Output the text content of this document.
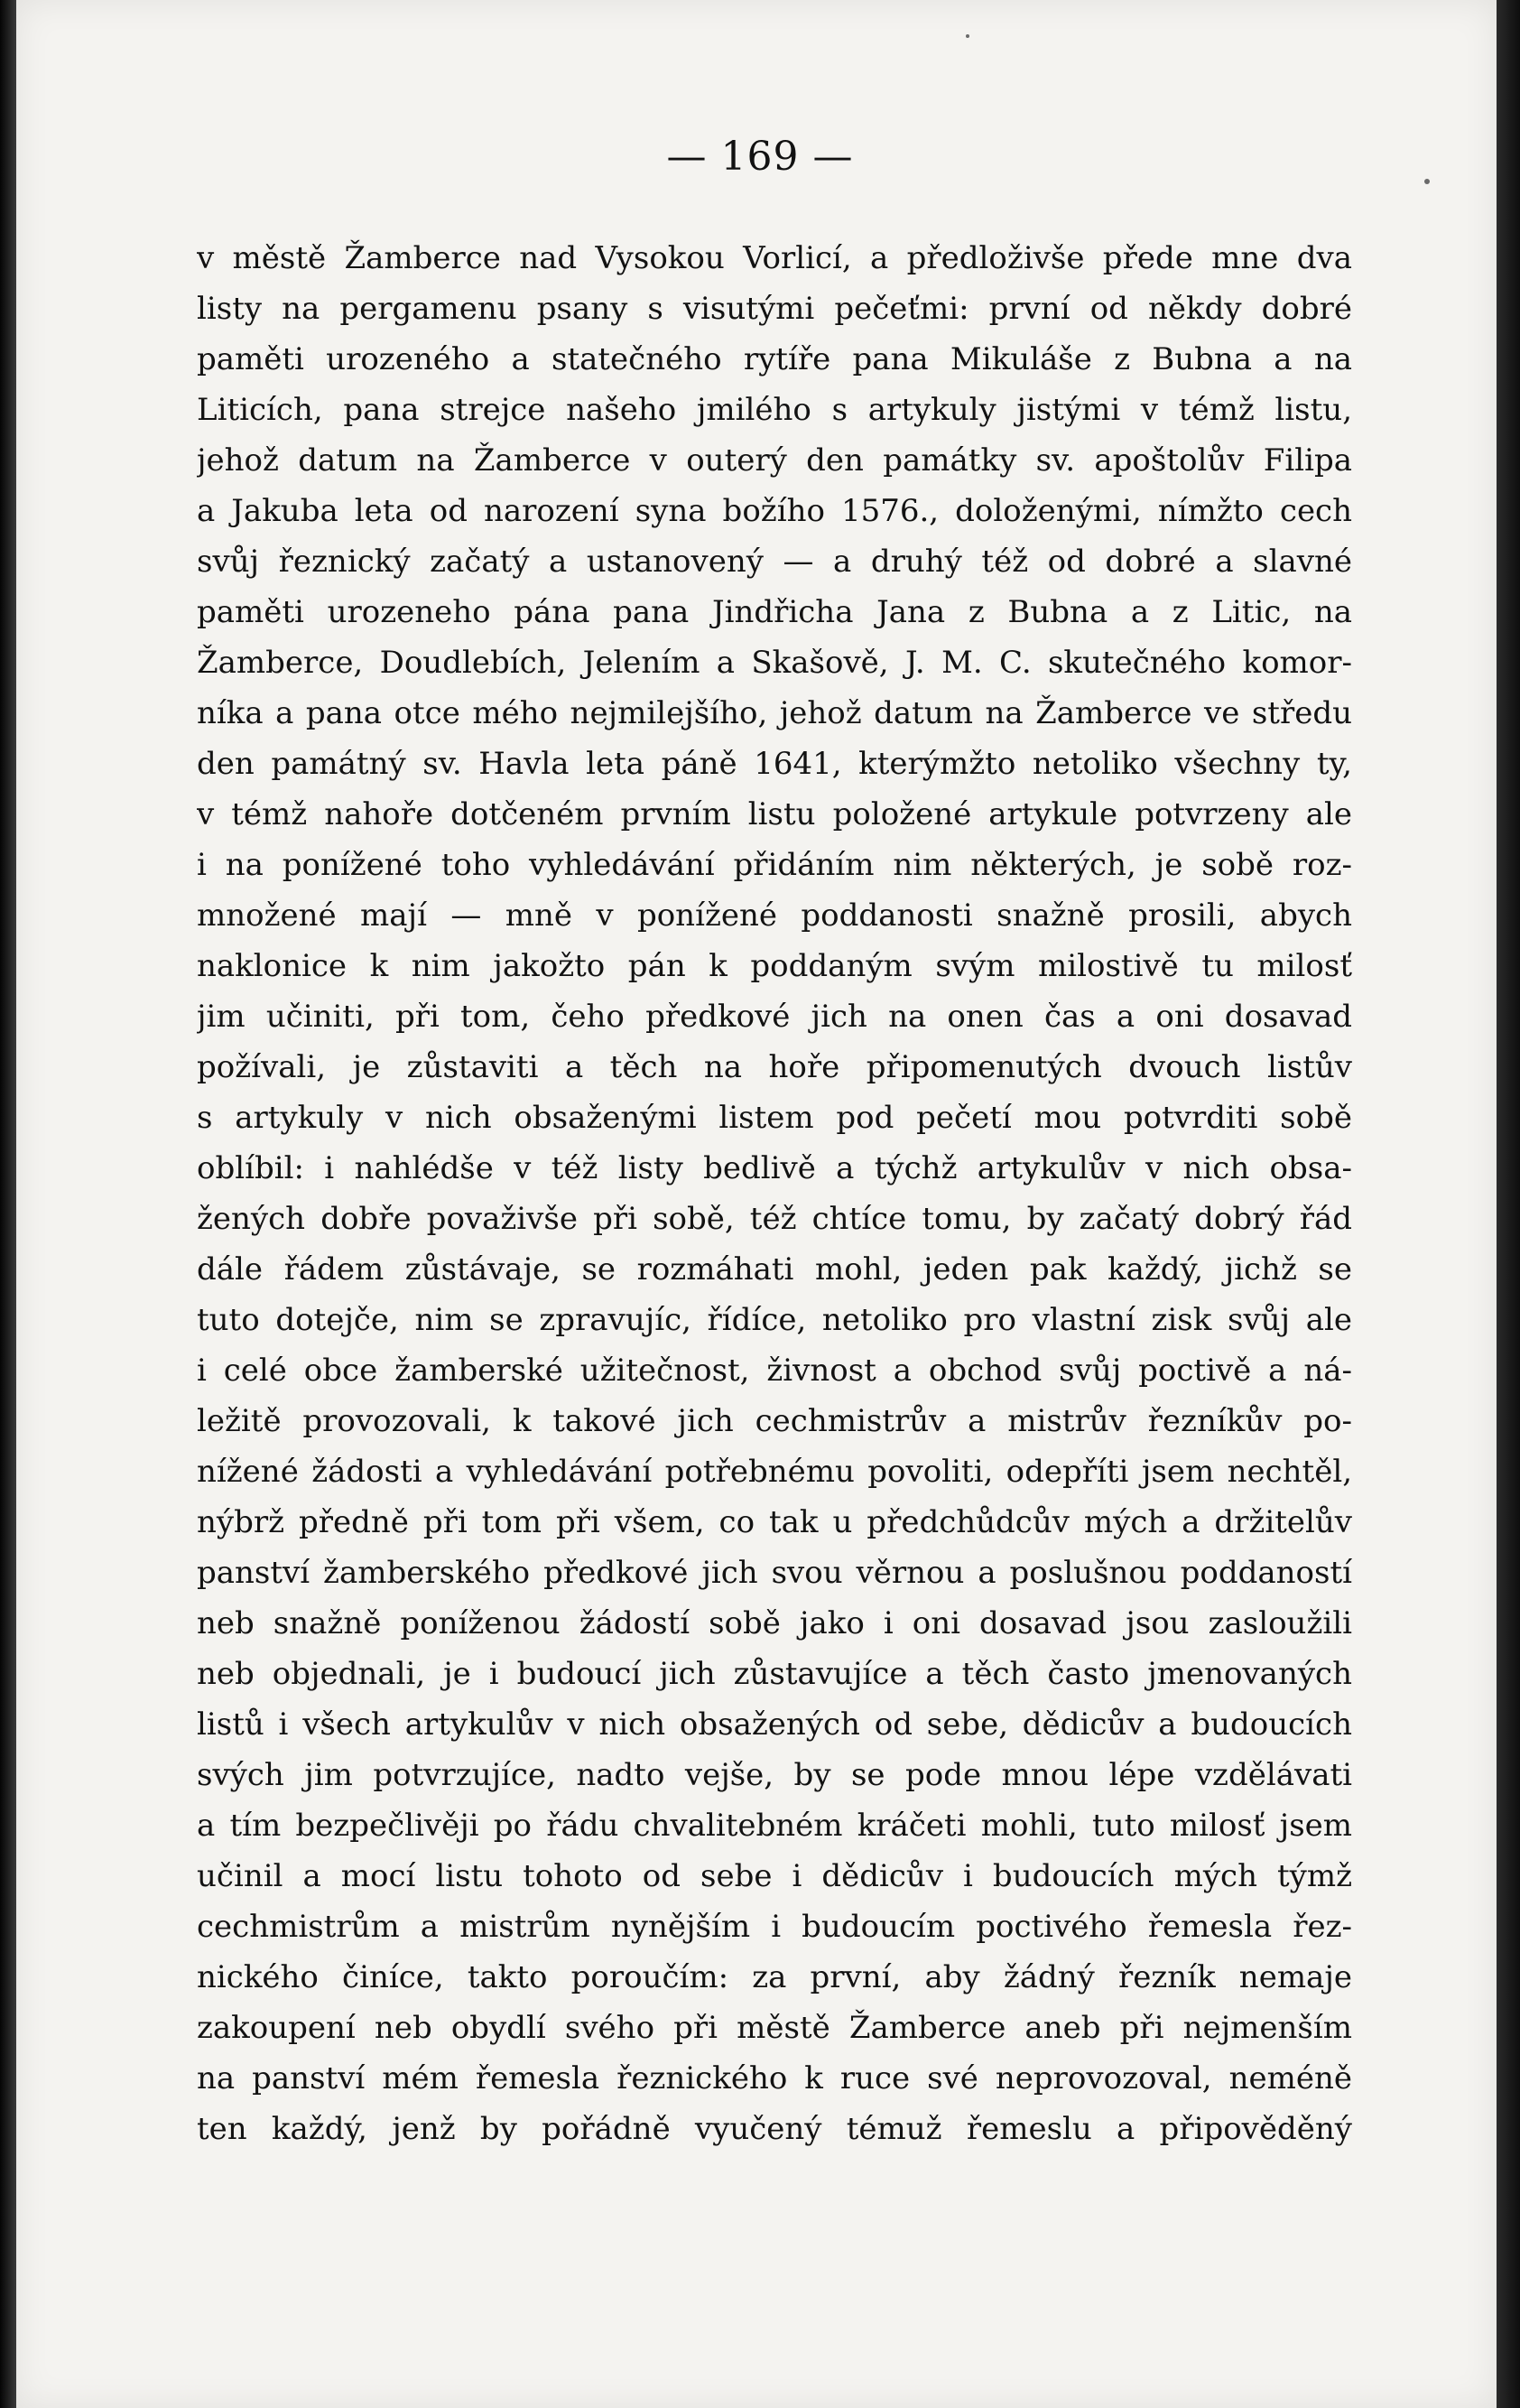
— 169 —
v městě Žamberce nad Vysokou Vorlicí, a předloživše přede mne dva
listy na pergamenu psany s visutými pečeťmi: první od někdy dobré
paměti urozeného a statečného rytíře pana Mikuláše z Bubna a na
Liticích, pana strejce našeho jmilého s artykuly jistými v témž listu,
jehož datum na Žamberce v outerý den památky sv. apoštolův Filipa
a Jakuba leta od narození syna božího 1576., doloženými, nímžto cech
svůj řeznický začatý a ustanovený — a druhý též od dobré a slavné
paměti urozeneho pána pana Jindřicha Jana z Bubna a z Litic, na
Žamberce, Doudlebích, Jelením a Skašově, J. M. C. skutečného komor-
níka a pana otce mého nejmilejšího, jehož datum na Žamberce ve středu
den památný sv. Havla leta páně 1641, kterýmžto netoliko všechny ty,
v témž nahoře dotčeném prvním listu položené artykule potvrzeny ale
i na ponížené toho vyhledávání přidáním nim některých, je sobě roz-
množené mají — mně v ponížené poddanosti snažně prosili, abych
naklonice k nim jakožto pán k poddaným svým milostivě tu milosť
jim učiniti, při tom, čeho předkové jich na onen čas a oni dosavad
požívali, je zůstaviti a těch na hoře připomenutých dvouch listův
s artykuly v nich obsaženými listem pod pečetí mou potvrditi sobě
oblíbil: i nahlédše v též listy bedlivě a týchž artykulův v nich obsa-
žených dobře považivše při sobě, též chtíce tomu, by začatý dobrý řád
dále řádem zůstávaje, se rozmáhati mohl, jeden pak každý, jichž se
tuto dotejče, nim se zpravujíc, řídíce, netoliko pro vlastní zisk svůj ale
i celé obce žamberské užitečnost, živnost a obchod svůj poctivě a ná-
ležitě provozovali, k takové jich cechmistrův a mistrův řezníkův po-
nížené žádosti a vyhledávání potřebnému povoliti, odepříti jsem nechtěl,
nýbrž předně při tom při všem, co tak u předchůdcův mých a držitelův
panství žamberského předkové jich svou věrnou a poslušnou poddaností
neb snažně poníženou žádostí sobě jako i oni dosavad jsou zasloužili
neb objednali, je i budoucí jich zůstavujíce a těch často jmenovaných
listů i všech artykulův v nich obsažených od sebe, dědicův a budoucích
svých jim potvrzujíce, nadto vejše, by se pode mnou lépe vzdělávati
a tím bezpečlivěji po řádu chvalitebném kráčeti mohli, tuto milosť jsem
učinil a mocí listu tohoto od sebe i dědicův i budoucích mých týmž
cechmistrům a mistrům nynějším i budoucím poctivého řemesla řez-
nického činíce, takto poroučím: za první, aby žádný řezník nemaje
zakoupení neb obydlí svého při městě Žamberce aneb při nejmenším
na panství mém řemesla řeznického k ruce své neprovozoval, neméně
ten každý, jenž by pořádně vyučený témuž řemeslu a připověděný
